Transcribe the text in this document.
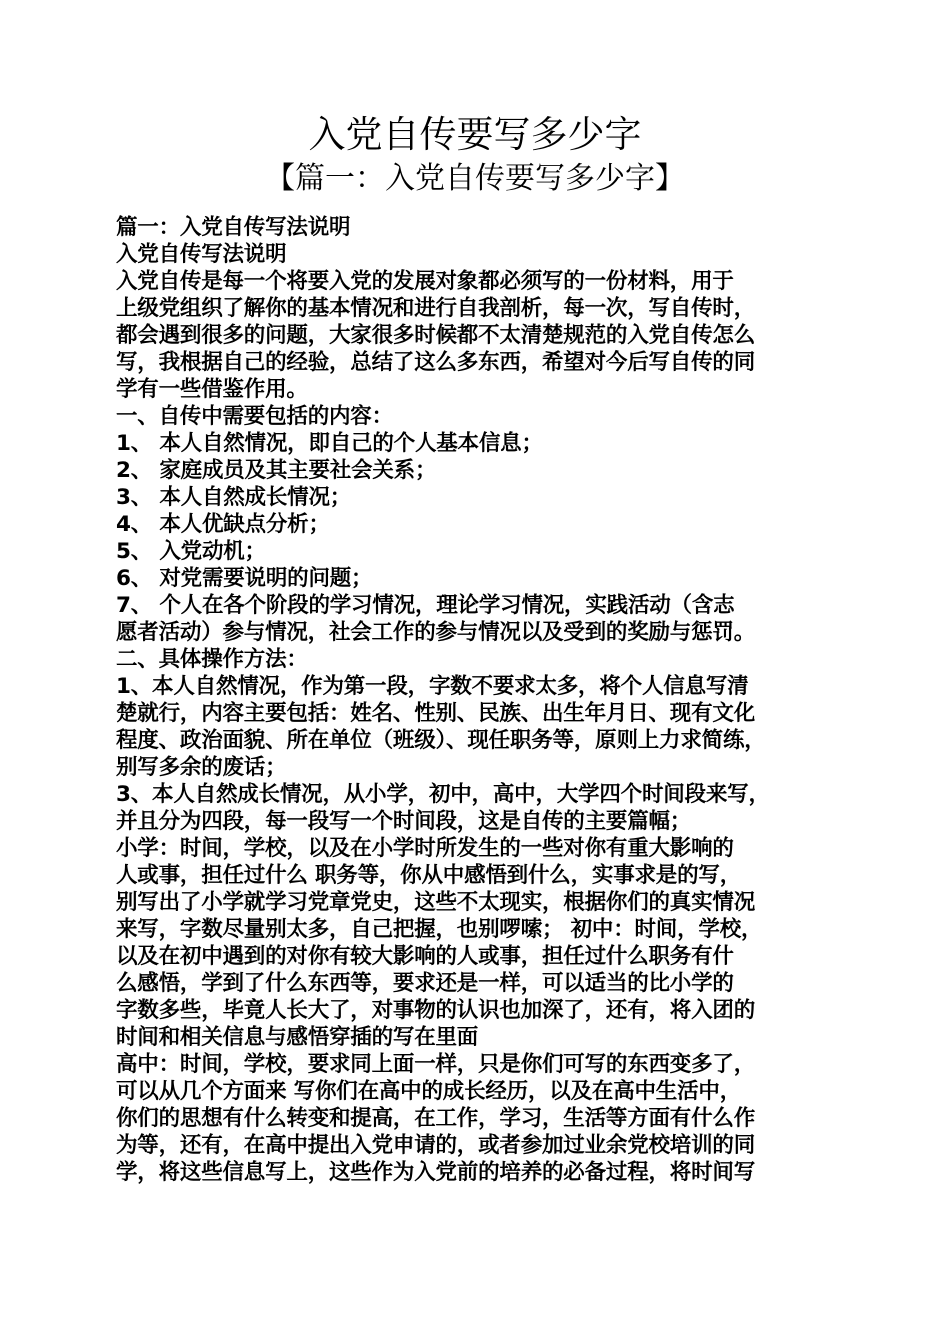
入党自传要写多少字
【篇一：入党自传要写多少字】
篇一：入党自传写法说明
入党自传写法说明
入党自传是每一个将要入党的发展对象都必须写的一份材料，用于
上级党组织了解你的基本情况和进行自我剖析，每一次，写自传时，
都会遇到很多的问题，大家很多时候都不太清楚规范的入党自传怎么
写，我根据自己的经验，总结了这么多东西，希望对今后写自传的同
学有一些借鉴作用。
一、自传中需要包括的内容：
1、 本人自然情况，即自己的个人基本信息；
2、 家庭成员及其主要社会关系；
3、 本人自然成长情况；
4、 本人优缺点分析；
5、 入党动机；
6、 对党需要说明的问题；
7、 个人在各个阶段的学习情况，理论学习情况，实践活动（含志
愿者活动）参与情况，社会工作的参与情况以及受到的奖励与惩罚。
二、具体操作方法：
1、本人自然情况，作为第一段，字数不要求太多，将个人信息写清
楚就行，内容主要包括：姓名、性别、民族、出生年月日、现有文化
程度、政治面貌、所在单位（班级）、现任职务等，原则上力求简练，
别写多余的废话；
3、本人自然成长情况，从小学，初中，高中，大学四个时间段来写，
并且分为四段，每一段写一个时间段，这是自传的主要篇幅；
小学：时间，学校，以及在小学时所发生的一些对你有重大影响的
人或事，担任过什么 职务等，你从中感悟到什么，实事求是的写，
别写出了小学就学习党章党史，这些不太现实，根据你们的真实情况
来写，字数尽量别太多，自己把握，也别啰嗦； 初中：时间，学校，
以及在初中遇到的对你有较大影响的人或事，担任过什么职务有什
么感悟，学到了什么东西等，要求还是一样，可以适当的比小学的
字数多些，毕竟人长大了，对事物的认识也加深了，还有，将入团的
时间和相关信息与感悟穿插的写在里面
高中：时间，学校，要求同上面一样，只是你们可写的东西变多了，
可以从几个方面来 写你们在高中的成长经历，以及在高中生活中，
你们的思想有什么转变和提高，在工作，学习，生活等方面有什么作
为等，还有，在高中提出入党申请的，或者参加过业余党校培训的同
学，将这些信息写上，这些作为入党前的培养的必备过程，将时间写
